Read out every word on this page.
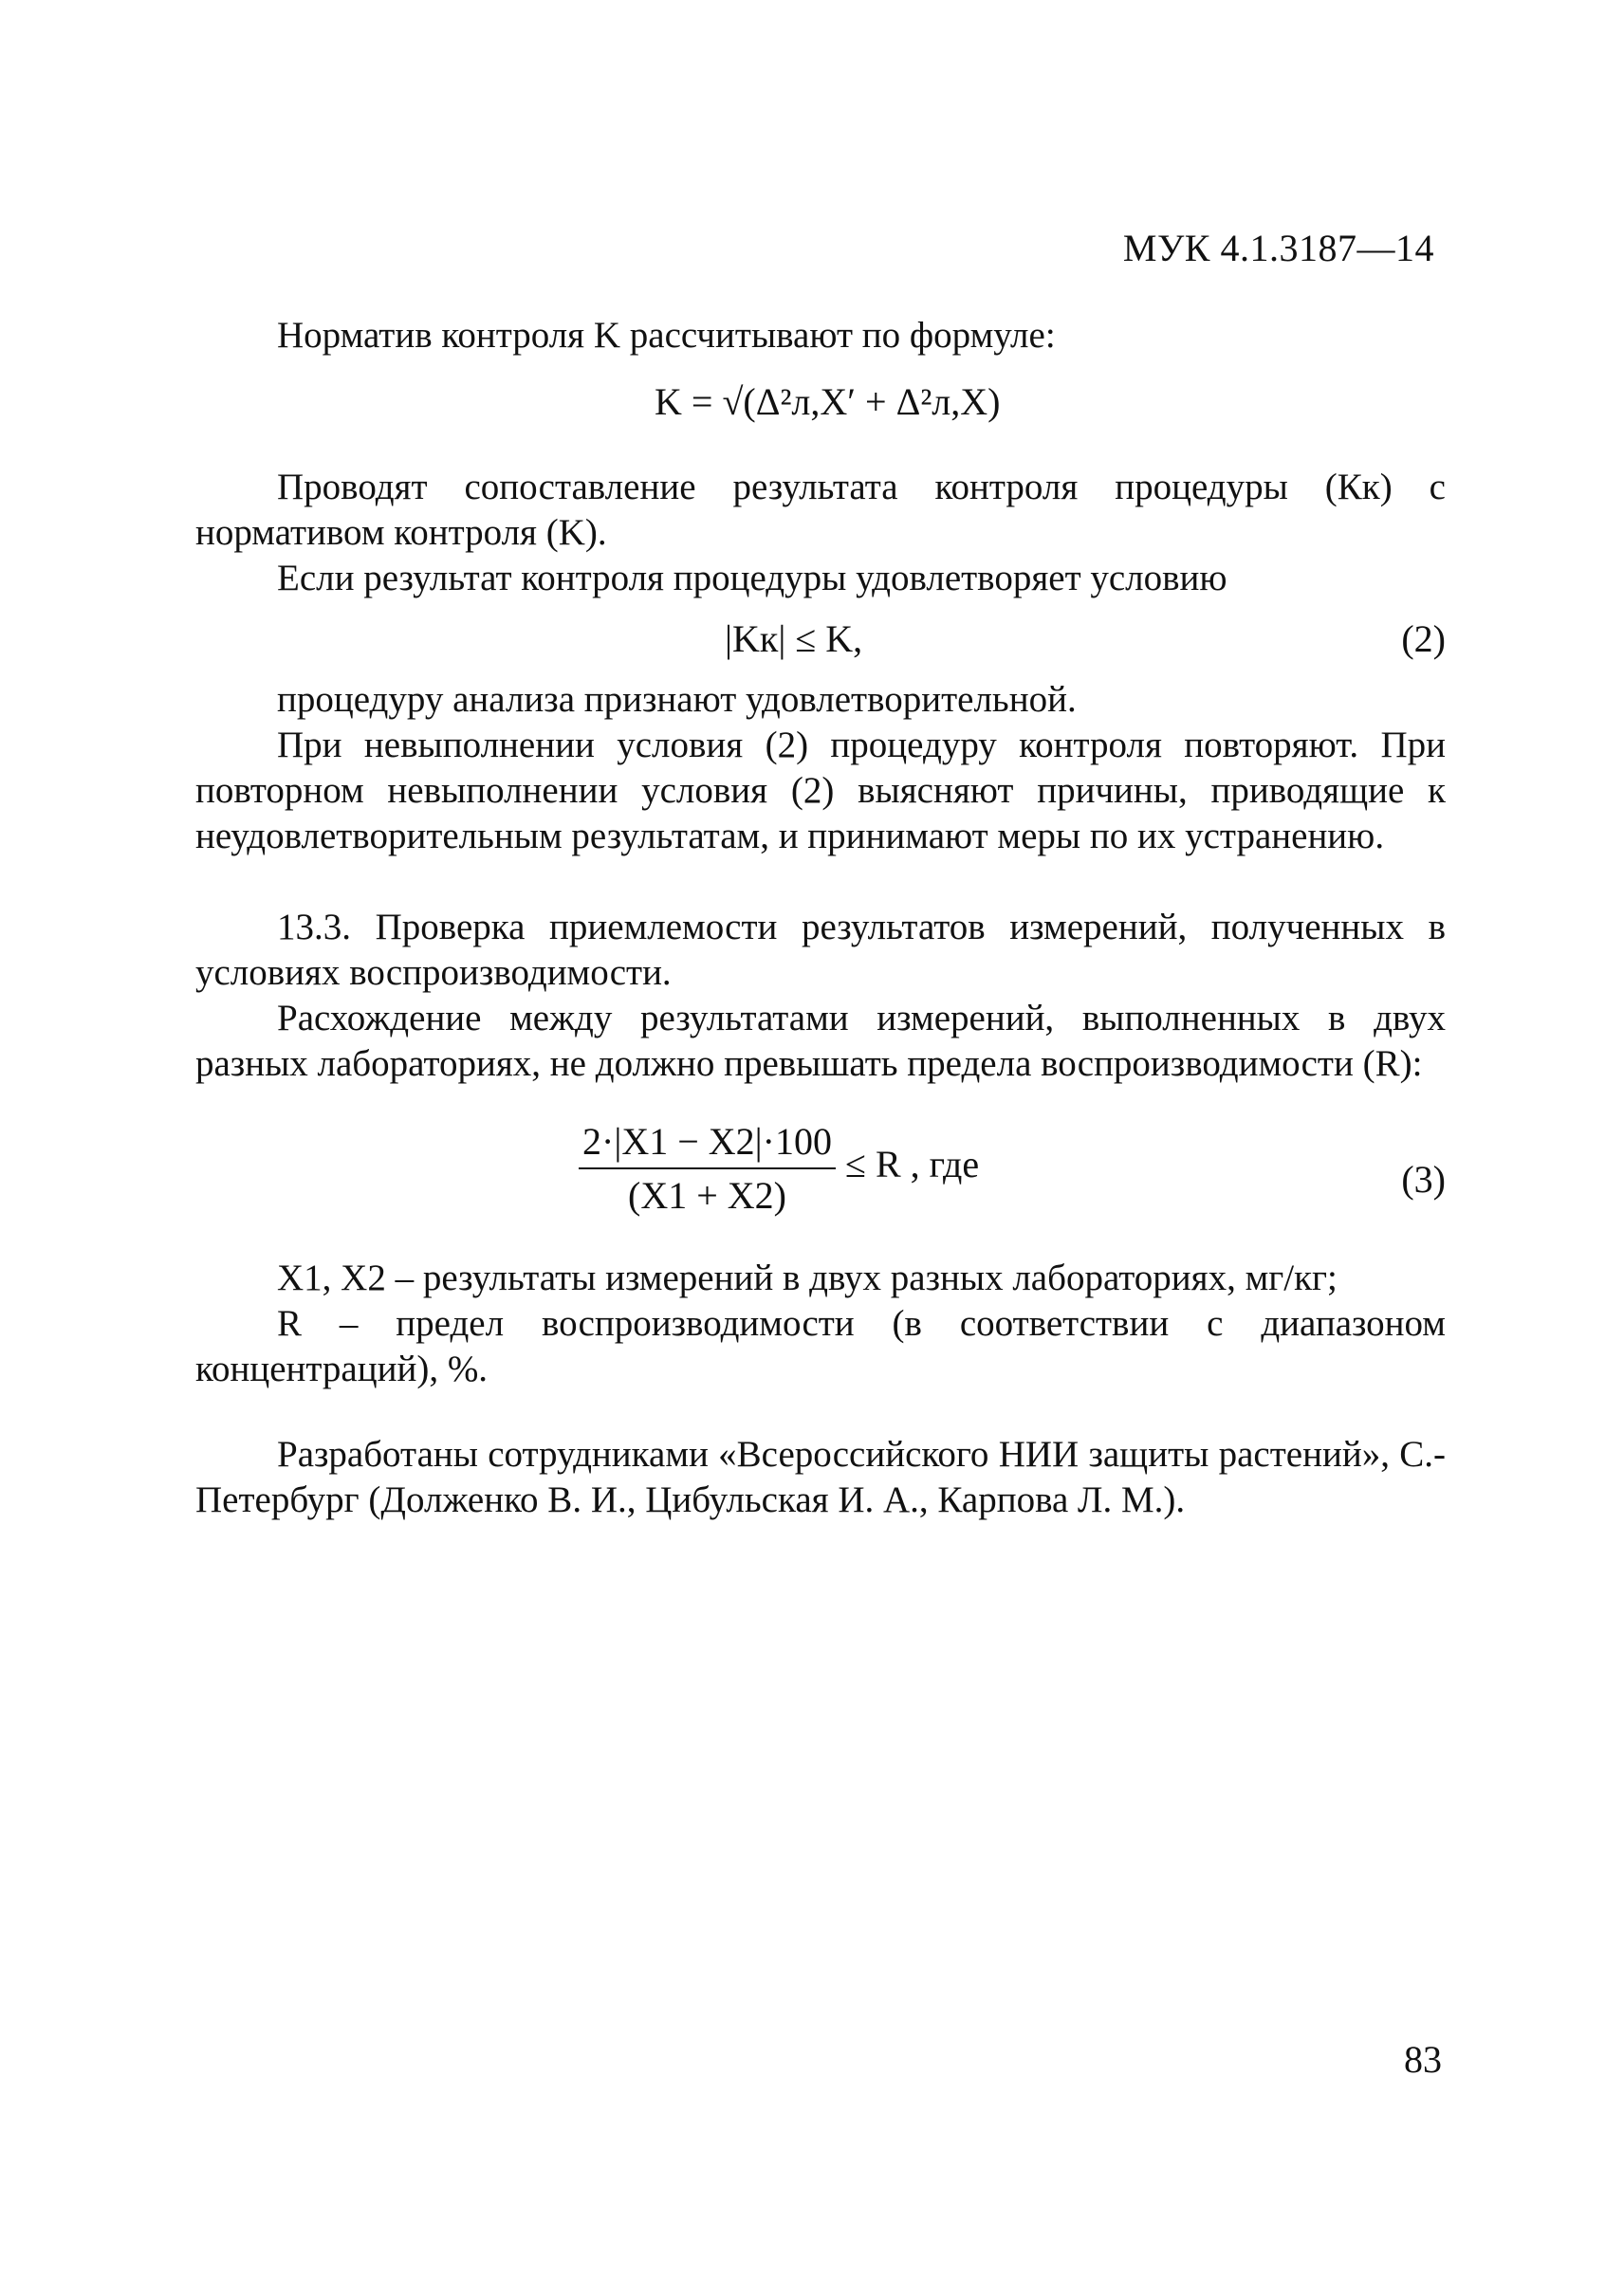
МУК 4.1.3187—14
Норматив контроля K рассчитывают по формуле:
K = √(Δ²л,X′ + Δ²л,X)
Проводят сопоставление результата контроля процедуры (Кк) с нормативом контроля (K).
Если результат контроля процедуры удовлетворяет условию
|Kк| ≤ K,	(2)
процедуру анализа признают удовлетворительной.
При невыполнении условия (2) процедуру контроля повторяют. При повторном невыполнении условия (2) выясняют причины, приводящие к неудовлетворительным результатам, и принимают меры по их устранению.
13.3. Проверка приемлемости результатов измерений, полученных в условиях воспроизводимости.
Расхождение между результатами измерений, выполненных в двух разных лабораториях, не должно превышать предела воспроизводимости (R):
$\frac{2\cdot|X1 - X2|\cdot 100}{(X1 + X2)} \le R$ , где	(3)
X1, X2 – результаты измерений в двух разных лабораториях, мг/кг;
R – предел воспроизводимости (в соответствии с диапазоном концентраций), %.
Разработаны сотрудниками «Всероссийского НИИ защиты растений», С.-Петербург (Долженко В. И., Цибульская И. А., Карпова Л. М.).
83
